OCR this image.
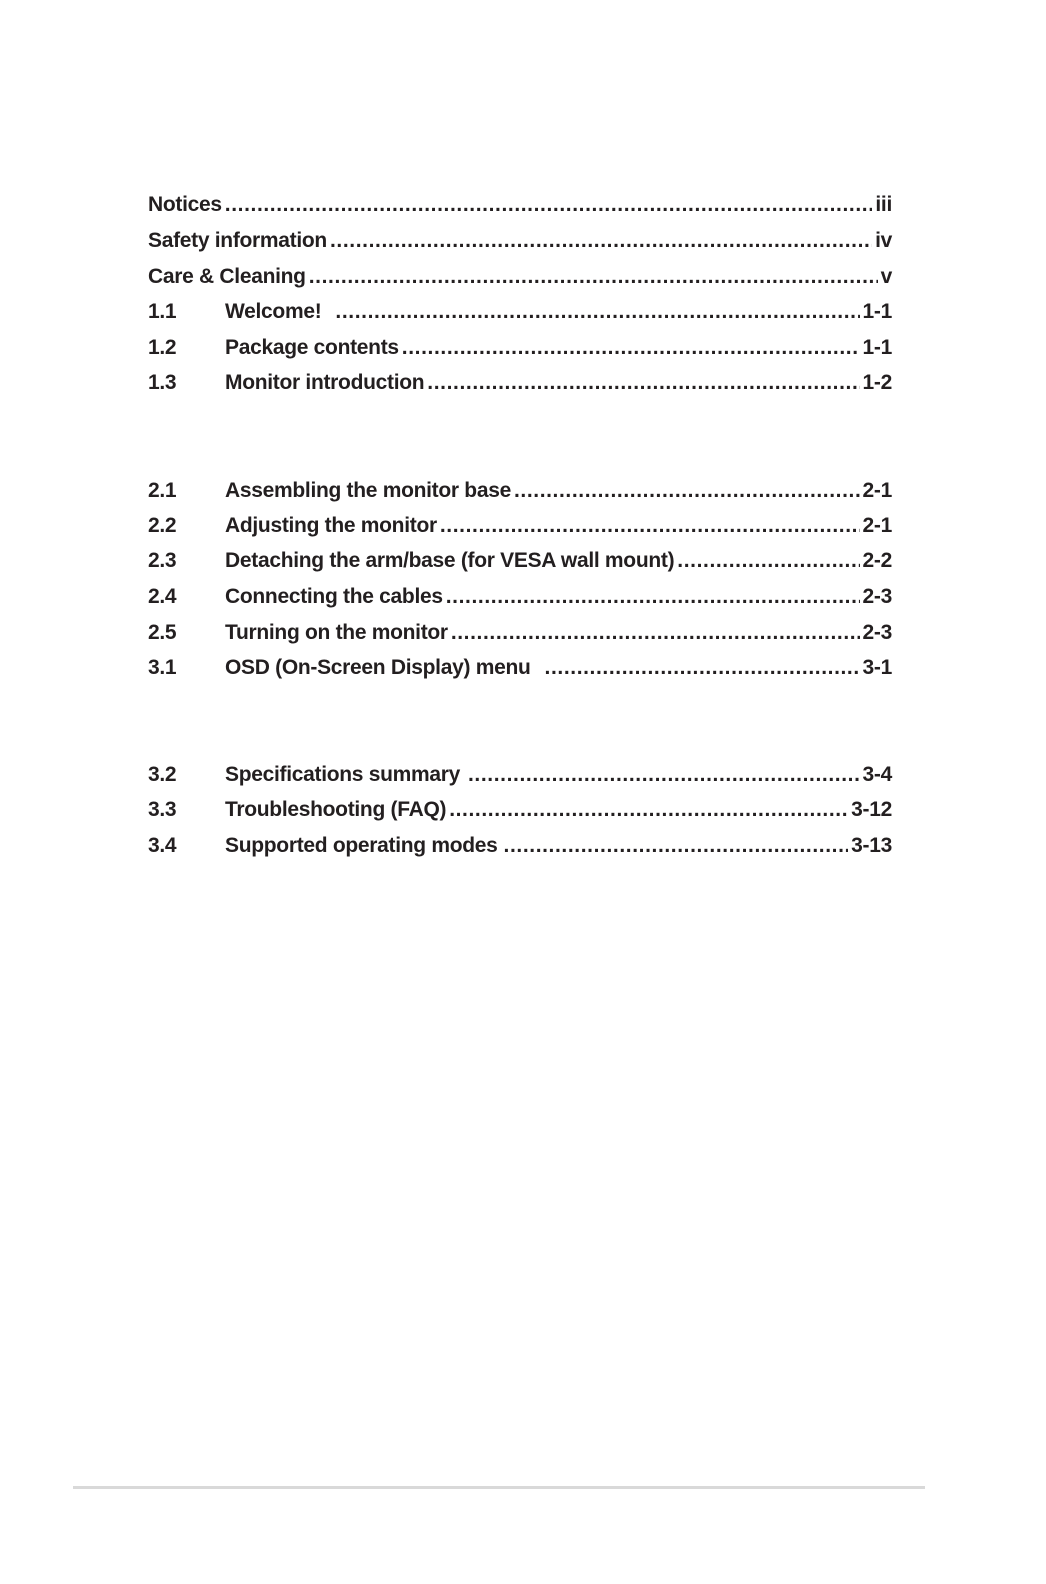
Notices .....	iii
Safety information .....	iv
Care & Cleaning .....	v
1.1	Welcome! .....	1-1
1.2	Package contents .....	1-1
1.3	Monitor introduction .....	1-2
2.1	Assembling the monitor base .....	2-1
2.2	Adjusting the monitor .....	2-1
2.3	Detaching the arm/base (for VESA wall mount) .....	2-2
2.4	Connecting the cables .....	2-3
2.5	Turning on the monitor .....	2-3
3.1	OSD (On-Screen Display) menu .....	3-1
3.2	Specifications summary .....	3-4
3.3	Troubleshooting (FAQ) .....	3-12
3.4	Supported operating modes .....	3-13
